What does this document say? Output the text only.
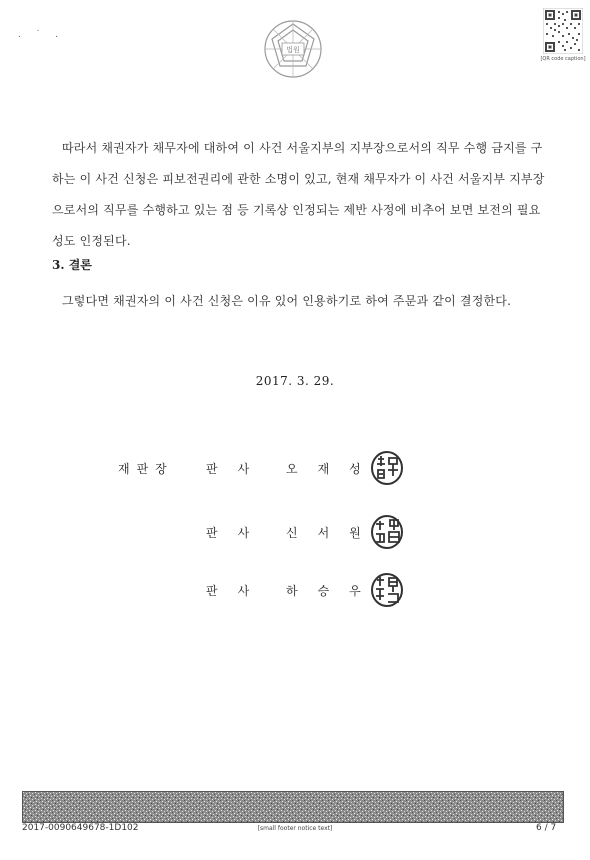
. ˙ .
법원
[QR code caption]
따라서 채권자가 채무자에 대하여 이 사건 서울지부의 지부장으로서의 직무 수행 금지를 구하는 이 사건 신청은 피보전권리에 관한 소명이 있고, 현재 채무자가 이 사건 서울지부 지부장으로서의 직무를 수행하고 있는 점 등 기록상 인정되는 제반 사정에 비추어 보면 보전의 필요성도 인정된다.
3. 결론
그렇다면 채권자의 이 사건 신청은 이유 있어 인용하기로 하여 주문과 같이 결정한다.
2017. 3. 29.
재판장	판사 오재성
판사 신서원
판사 하승우
2017-0090649678-1D102	[small footer notice text]	6 / 7
